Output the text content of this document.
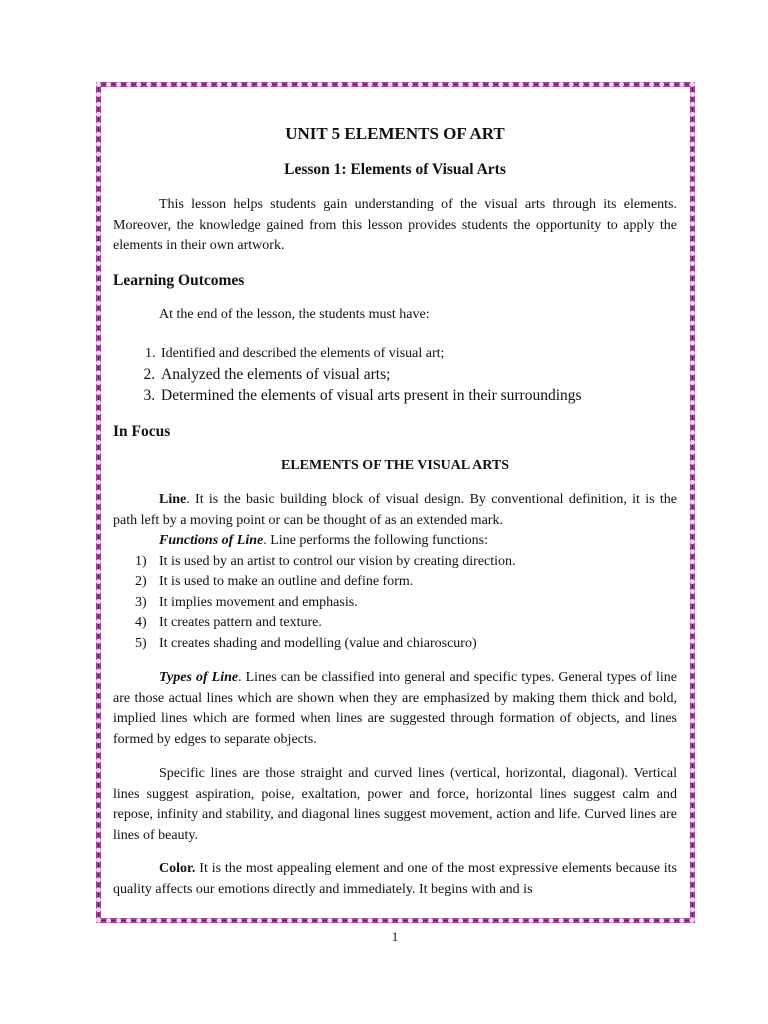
UNIT 5 ELEMENTS OF ART
Lesson 1: Elements of Visual Arts

This lesson helps students gain understanding of the visual arts through its elements. Moreover, the knowledge gained from this lesson provides students the opportunity to apply the elements in their own artwork.

Learning Outcomes

At the end of the lesson, the students must have:

1. Identified and described the elements of visual art;
2. Analyzed the elements of visual arts;
3. Determined the elements of visual arts present in their surroundings
In Focus
ELEMENTS OF THE VISUAL ARTS

Line. It is the basic building block of visual design. By conventional definition, it is the path left by a moving point or can be thought of as an extended mark.

Functions of Line. Line performs the following functions:

1) It is used by an artist to control our vision by creating direction.
2) It is used to make an outline and define form.
3) It implies movement and emphasis.
4) It creates pattern and texture.
5) It creates shading and modelling (value and chiaroscuro)

Types of Line. Lines can be classified into general and specific types. General types of line are those actual lines which are shown when they are emphasized by making them thick and bold, implied lines which are formed when lines are suggested through formation of objects, and lines formed by edges to separate objects.

Specific lines are those straight and curved lines (vertical, horizontal, diagonal). Vertical lines suggest aspiration, poise, exaltation, power and force, horizontal lines suggest calm and repose, infinity and stability, and diagonal lines suggest movement, action and life. Curved lines are lines of beauty.

Color. It is the most appealing element and one of the most expressive elements because its quality affects our emotions directly and immediately. It begins with and is

1
